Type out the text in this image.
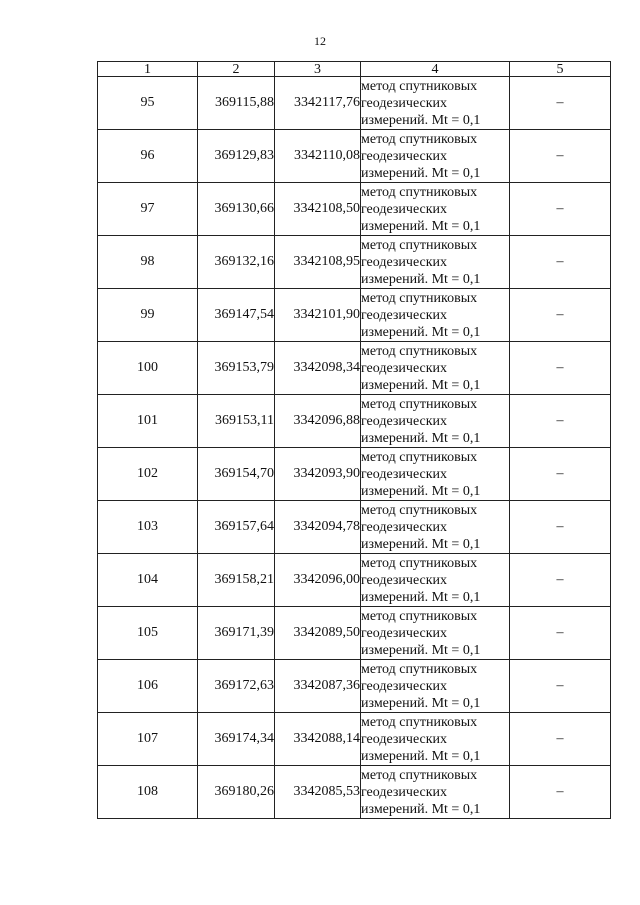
12
1	2	3	4	5
95	369115,88	3342117,76	метод спутниковых
геодезических
измерений. Mt = 0,1	–
96	369129,83	3342110,08	метод спутниковых
геодезических
измерений. Mt = 0,1	–
97	369130,66	3342108,50	метод спутниковых
геодезических
измерений. Mt = 0,1	–
98	369132,16	3342108,95	метод спутниковых
геодезических
измерений. Mt = 0,1	–
99	369147,54	3342101,90	метод спутниковых
геодезических
измерений. Mt = 0,1	–
100	369153,79	3342098,34	метод спутниковых
геодезических
измерений. Mt = 0,1	–
101	369153,11	3342096,88	метод спутниковых
геодезических
измерений. Mt = 0,1	–
102	369154,70	3342093,90	метод спутниковых
геодезических
измерений. Mt = 0,1	–
103	369157,64	3342094,78	метод спутниковых
геодезических
измерений. Mt = 0,1	–
104	369158,21	3342096,00	метод спутниковых
геодезических
измерений. Mt = 0,1	–
105	369171,39	3342089,50	метод спутниковых
геодезических
измерений. Mt = 0,1	–
106	369172,63	3342087,36	метод спутниковых
геодезических
измерений. Mt = 0,1	–
107	369174,34	3342088,14	метод спутниковых
геодезических
измерений. Mt = 0,1	–
108	369180,26	3342085,53	метод спутниковых
геодезических
измерений. Mt = 0,1	–
